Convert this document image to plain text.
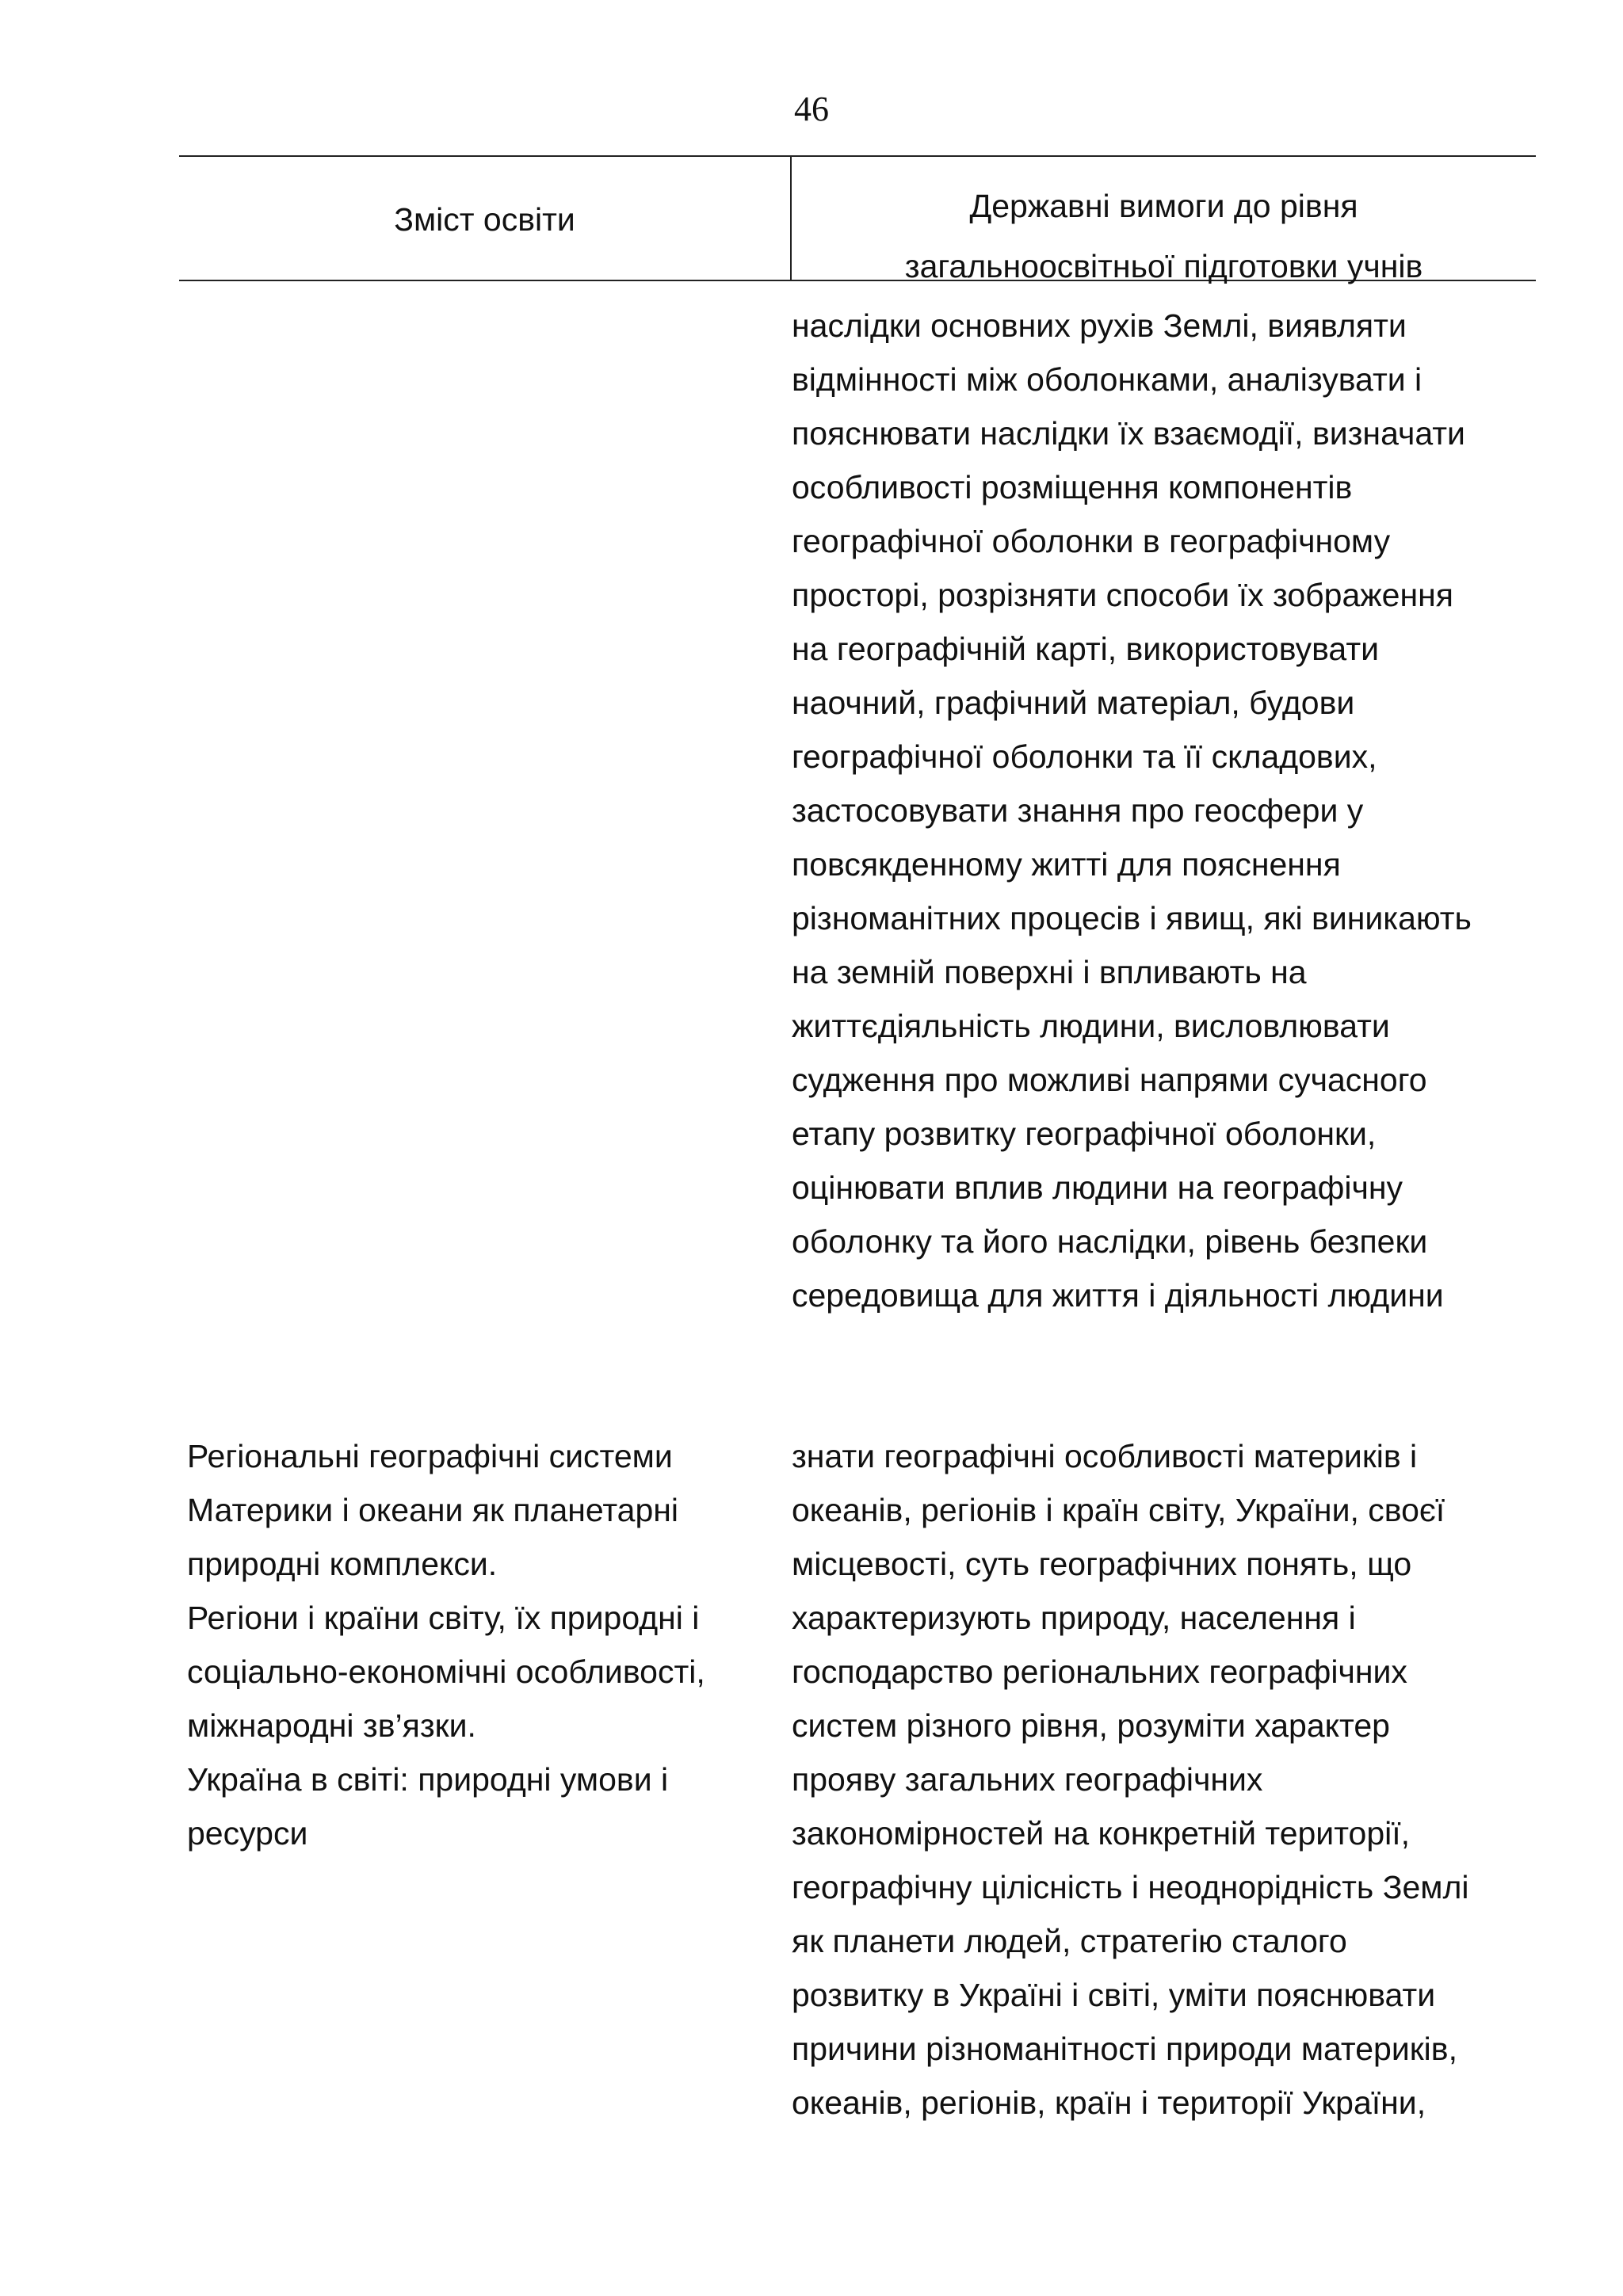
46
Зміст освіти	Державні вимоги до рівня
загальноосвітньої підготовки учнів
наслідки основних рухів Землі, виявляти
відмінності між оболонками, аналізувати і
пояснювати наслідки їх взаємодії, визначати
особливості розміщення компонентів
географічної оболонки в географічному
просторі, розрізняти способи їх зображення
на географічній карті, використовувати
наочний, графічний матеріал, будови
географічної оболонки та її складових,
застосовувати знання про геосфери у
повсякденному житті для пояснення
різноманітних процесів і явищ, які виникають
на земній поверхні і впливають на
життєдіяльність людини, висловлювати
судження про можливі напрями сучасного
етапу розвитку географічної оболонки,
оцінювати вплив людини на географічну
оболонку та його наслідки, рівень безпеки
середовища для життя і діяльності людини
Регіональні географічні системи
Материки і океани як планетарні
природні комплекси.
Регіони і країни світу, їх природні і
соціально-економічні особливості,
міжнародні зв’язки.
Україна в світі: природні умови і
ресурси
знати географічні особливості материків і
океанів, регіонів і країн світу, України, своєї
місцевості, суть географічних понять, що
характеризують природу, населення і
господарство регіональних географічних
систем різного рівня, розуміти характер
прояву загальних географічних
закономірностей на конкретній території,
географічну цілісність і неоднорідність Землі
як планети людей, стратегію сталого
розвитку в Україні і світі, уміти пояснювати
причини різноманітності природи материків,
океанів, регіонів, країн і території України,
